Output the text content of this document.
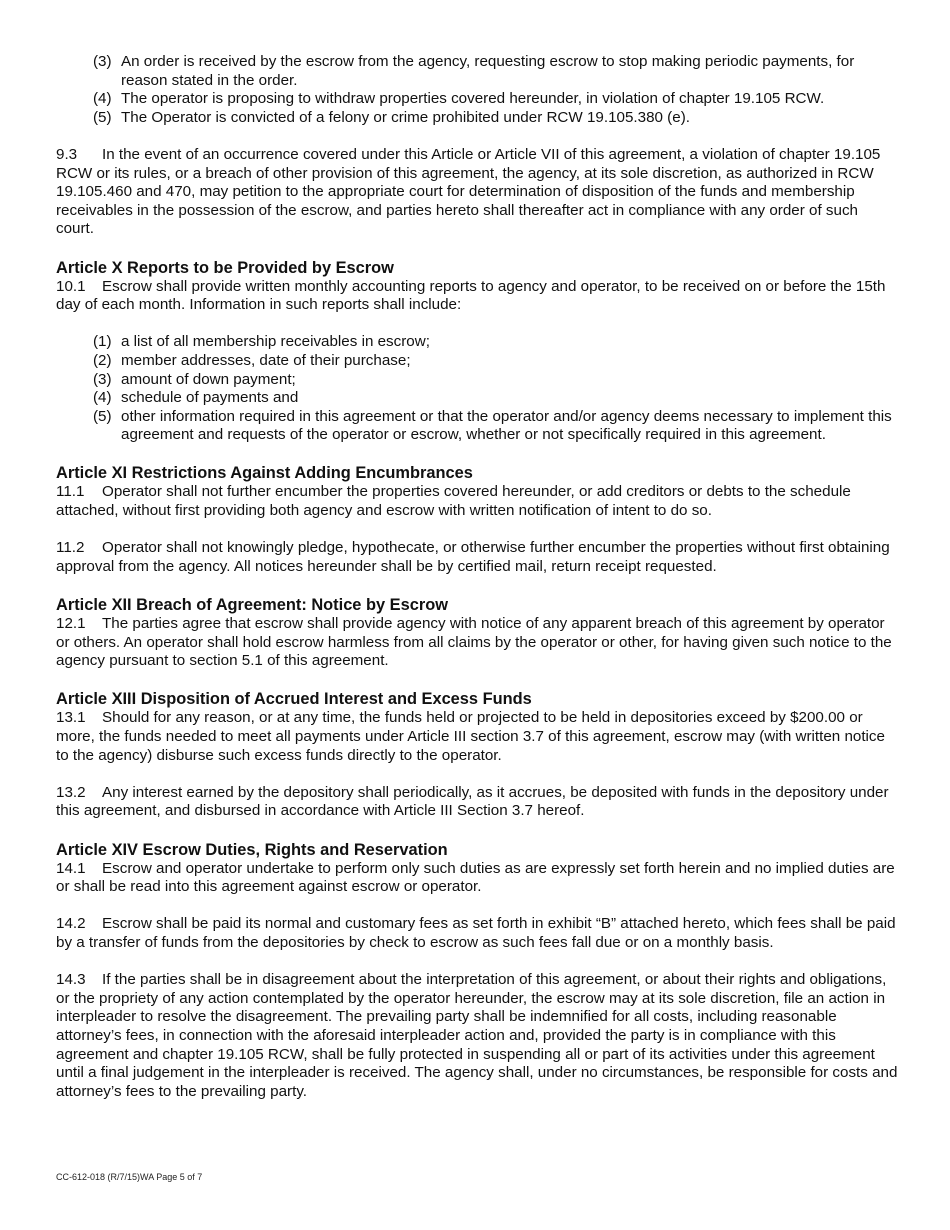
(3) An order is received by the escrow from the agency, requesting escrow to stop making periodic payments, for reason stated in the order.
(4) The operator is proposing to withdraw properties covered hereunder, in violation of chapter 19.105 RCW.
(5) The Operator is convicted of a felony or crime prohibited under RCW 19.105.380 (e).

9.3 In the event of an occurrence covered under this Article or Article VII of this agreement, a violation of chapter 19.105 RCW or its rules, or a breach of other provision of this agreement, the agency, at its sole discretion, as authorized in RCW 19.105.460 and 470, may petition to the appropriate court for determination of disposition of the funds and membership receivables in the possession of the escrow, and parties hereto shall thereafter act in compliance with any order of such court.

Article X Reports to be Provided by Escrow

10.1 Escrow shall provide written monthly accounting reports to agency and operator, to be received on or before the 15th day of each month. Information in such reports shall include:

(1) a list of all membership receivables in escrow;
(2) member addresses, date of their purchase;
(3) amount of down payment;
(4) schedule of payments and
(5) other information required in this agreement or that the operator and/or agency deems necessary to implement this agreement and requests of the operator or escrow, whether or not specifically required in this agreement.
Article XI Restrictions Against Adding Encumbrances

11.1 Operator shall not further encumber the properties covered hereunder, or add creditors or debts to the schedule attached, without first providing both agency and escrow with written notification of intent to do so.

11.2 Operator shall not knowingly pledge, hypothecate, or otherwise further encumber the properties without first obtaining approval from the agency. All notices hereunder shall be by certified mail, return receipt requested.

Article XII Breach of Agreement: Notice by Escrow

12.1 The parties agree that escrow shall provide agency with notice of any apparent breach of this agreement by operator or others. An operator shall hold escrow harmless from all claims by the operator or other, for having given such notice to the agency pursuant to section 5.1 of this agreement.

Article XIII Disposition of Accrued Interest and Excess Funds

13.1 Should for any reason, or at any time, the funds held or projected to be held in depositories exceed by $200.00 or more, the funds needed to meet all payments under Article III section 3.7 of this agreement, escrow may (with written notice to the agency) disburse such excess funds directly to the operator.

13.2 Any interest earned by the depository shall periodically, as it accrues, be deposited with funds in the depository under this agreement, and disbursed in accordance with Article III Section 3.7 hereof.

Article XIV Escrow Duties, Rights and Reservation

14.1 Escrow and operator undertake to perform only such duties as are expressly set forth herein and no implied duties are or shall be read into this agreement against escrow or operator.

14.2 Escrow shall be paid its normal and customary fees as set forth in exhibit “B” attached hereto, which fees shall be paid by a transfer of funds from the depositories by check to escrow as such fees fall due or on a monthly basis.

14.3 If the parties shall be in disagreement about the interpretation of this agreement, or about their rights and obligations, or the propriety of any action contemplated by the operator hereunder, the escrow may at its sole discretion, file an action in interpleader to resolve the disagreement. The prevailing party shall be indemnified for all costs, including reasonable attorney’s fees, in connection with the aforesaid interpleader action and, provided the party is in compliance with this agreement and chapter 19.105 RCW, shall be fully protected in suspending all or part of its activities under this agreement until a final judgement in the interpleader is received. The agency shall, under no circumstances, be responsible for costs and attorney’s fees to the prevailing party.

CC-612-018 (R/7/15)WA Page 5 of 7
